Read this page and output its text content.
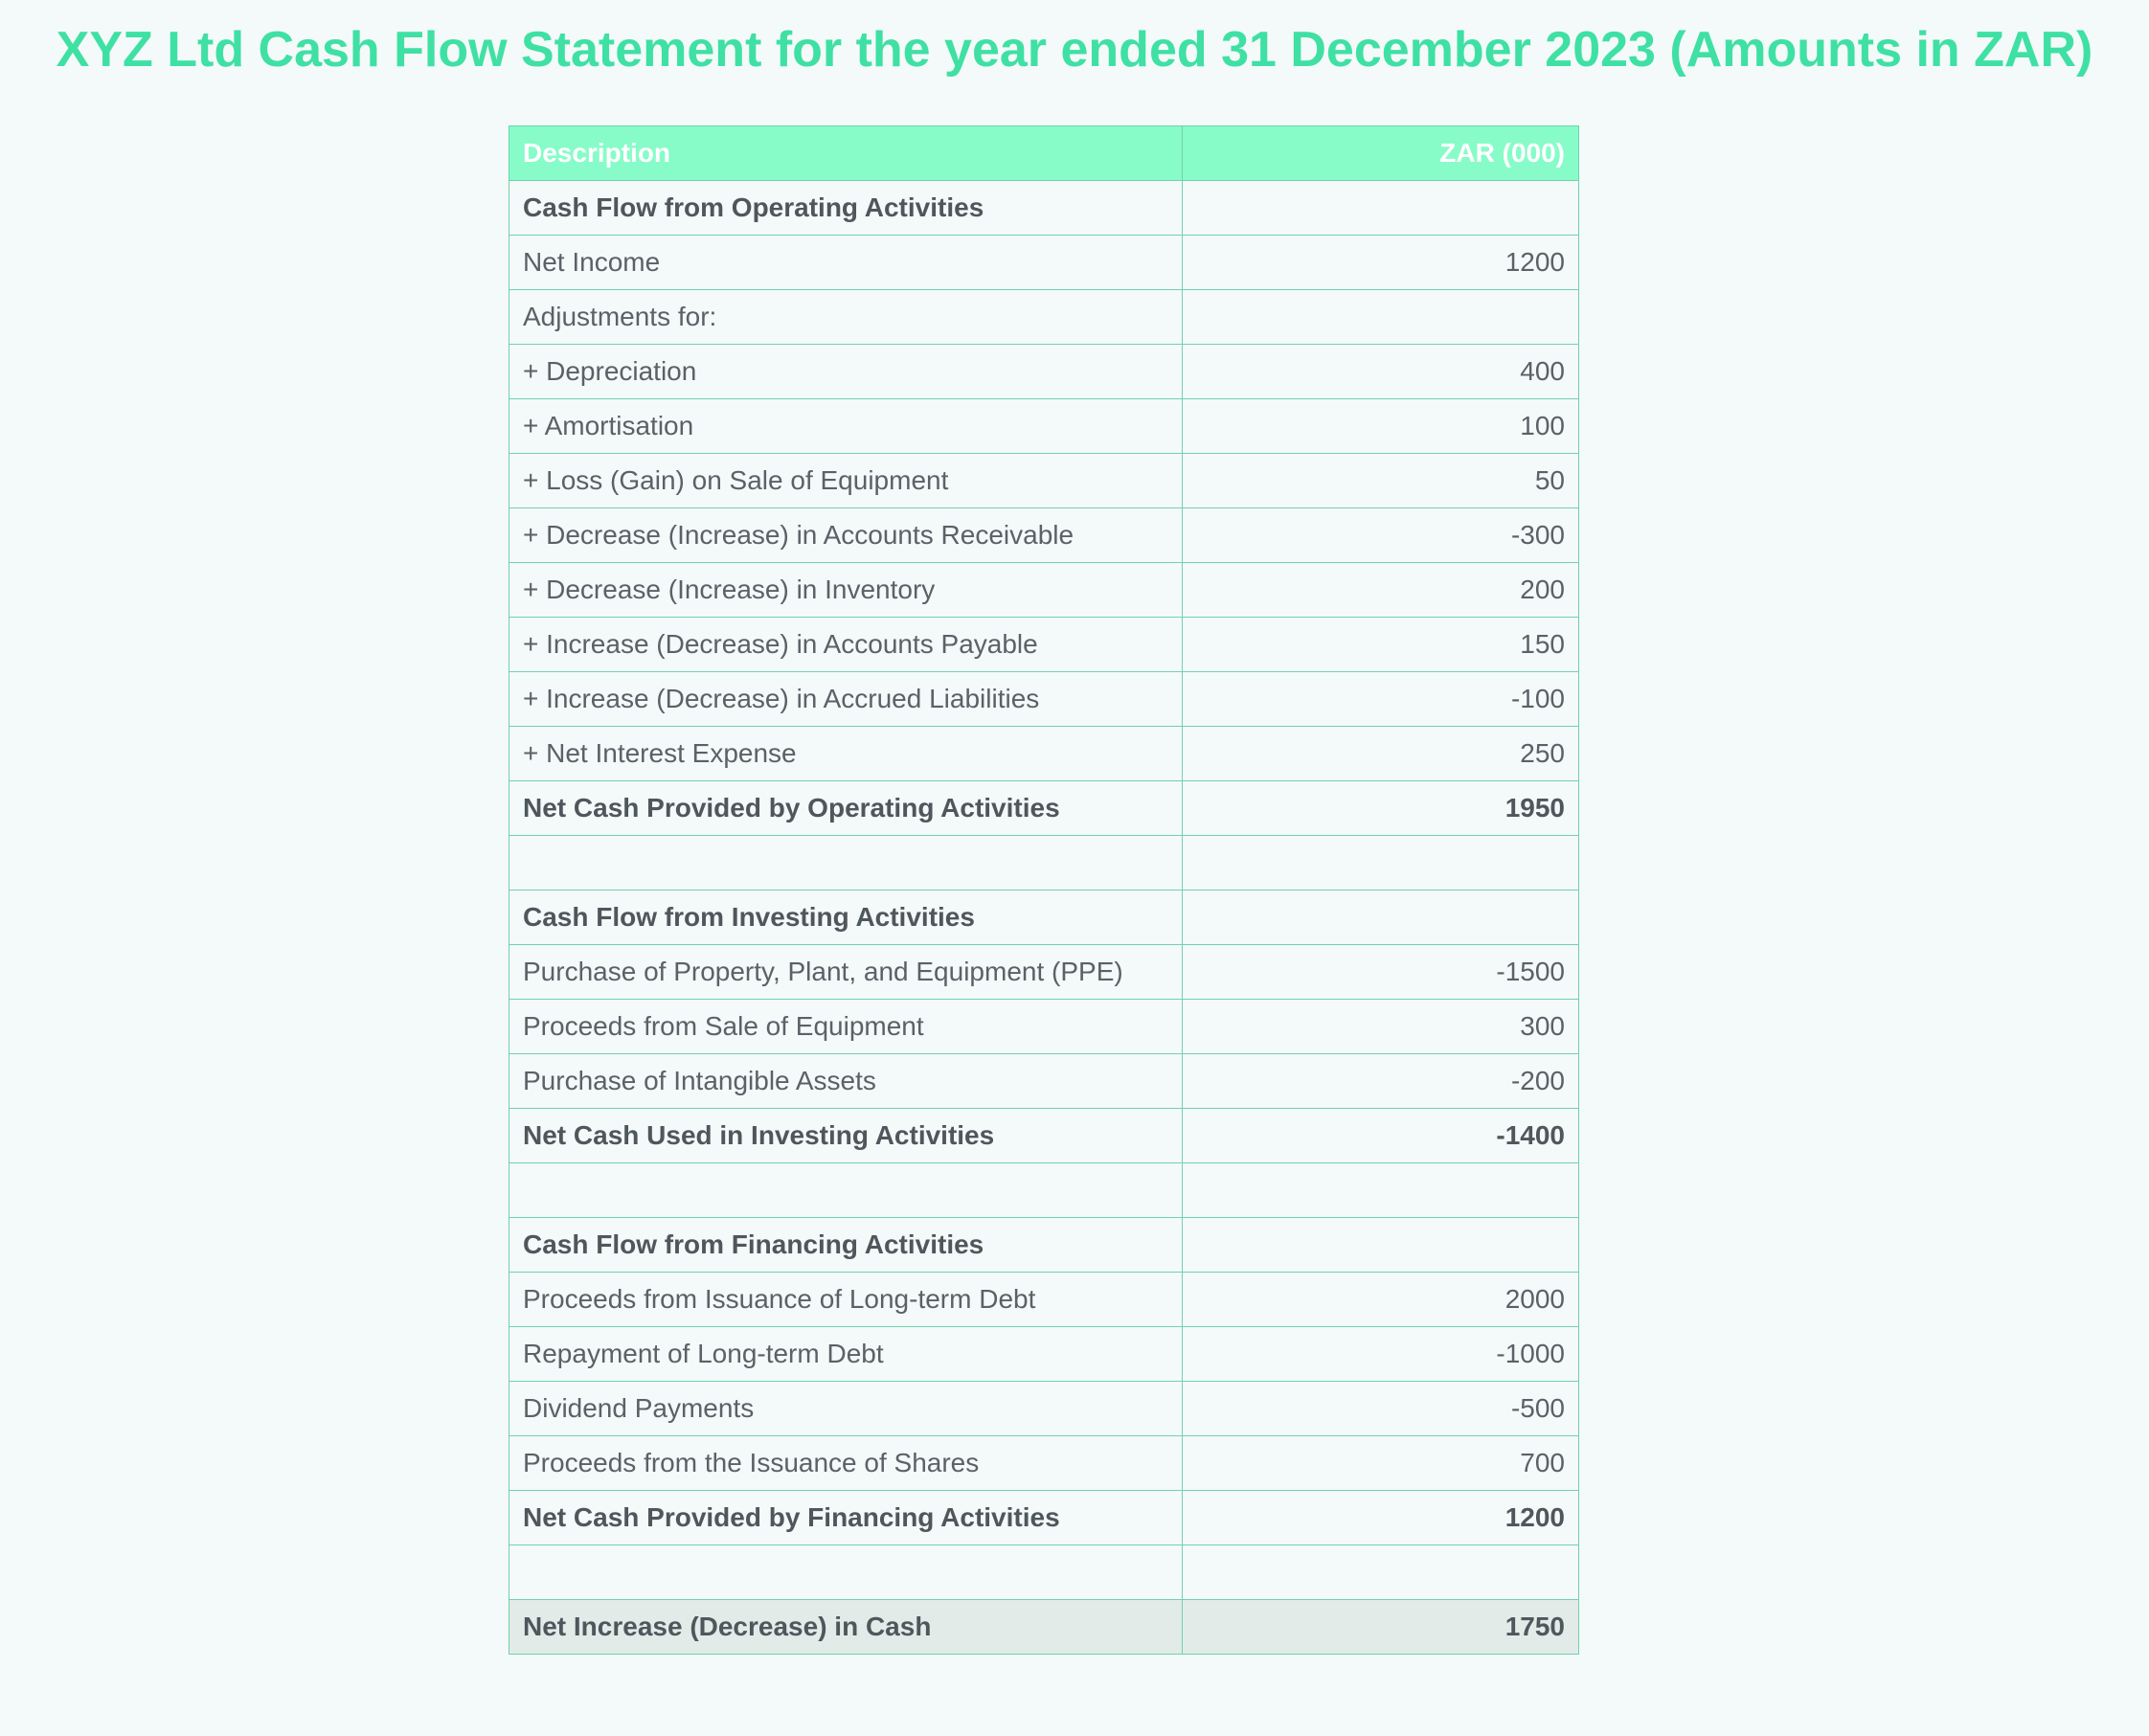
XYZ Ltd Cash Flow Statement for the year ended 31 December 2023 (Amounts in ZAR)
Description	ZAR (000)
Cash Flow from Operating Activities	
Net Income	1200
Adjustments for:	
+ Depreciation	400
+ Amortisation	100
+ Loss (Gain) on Sale of Equipment	50
+ Decrease (Increase) in Accounts Receivable	-300
+ Decrease (Increase) in Inventory	200
+ Increase (Decrease) in Accounts Payable	150
+ Increase (Decrease) in Accrued Liabilities	-100
+ Net Interest Expense	250
Net Cash Provided by Operating Activities	1950

Cash Flow from Investing Activities	
Purchase of Property, Plant, and Equipment (PPE)	-1500
Proceeds from Sale of Equipment	300
Purchase of Intangible Assets	-200
Net Cash Used in Investing Activities	-1400

Cash Flow from Financing Activities	
Proceeds from Issuance of Long-term Debt	2000
Repayment of Long-term Debt	-1000
Dividend Payments	-500
Proceeds from the Issuance of Shares	700
Net Cash Provided by Financing Activities	1200

Net Increase (Decrease) in Cash	1750
